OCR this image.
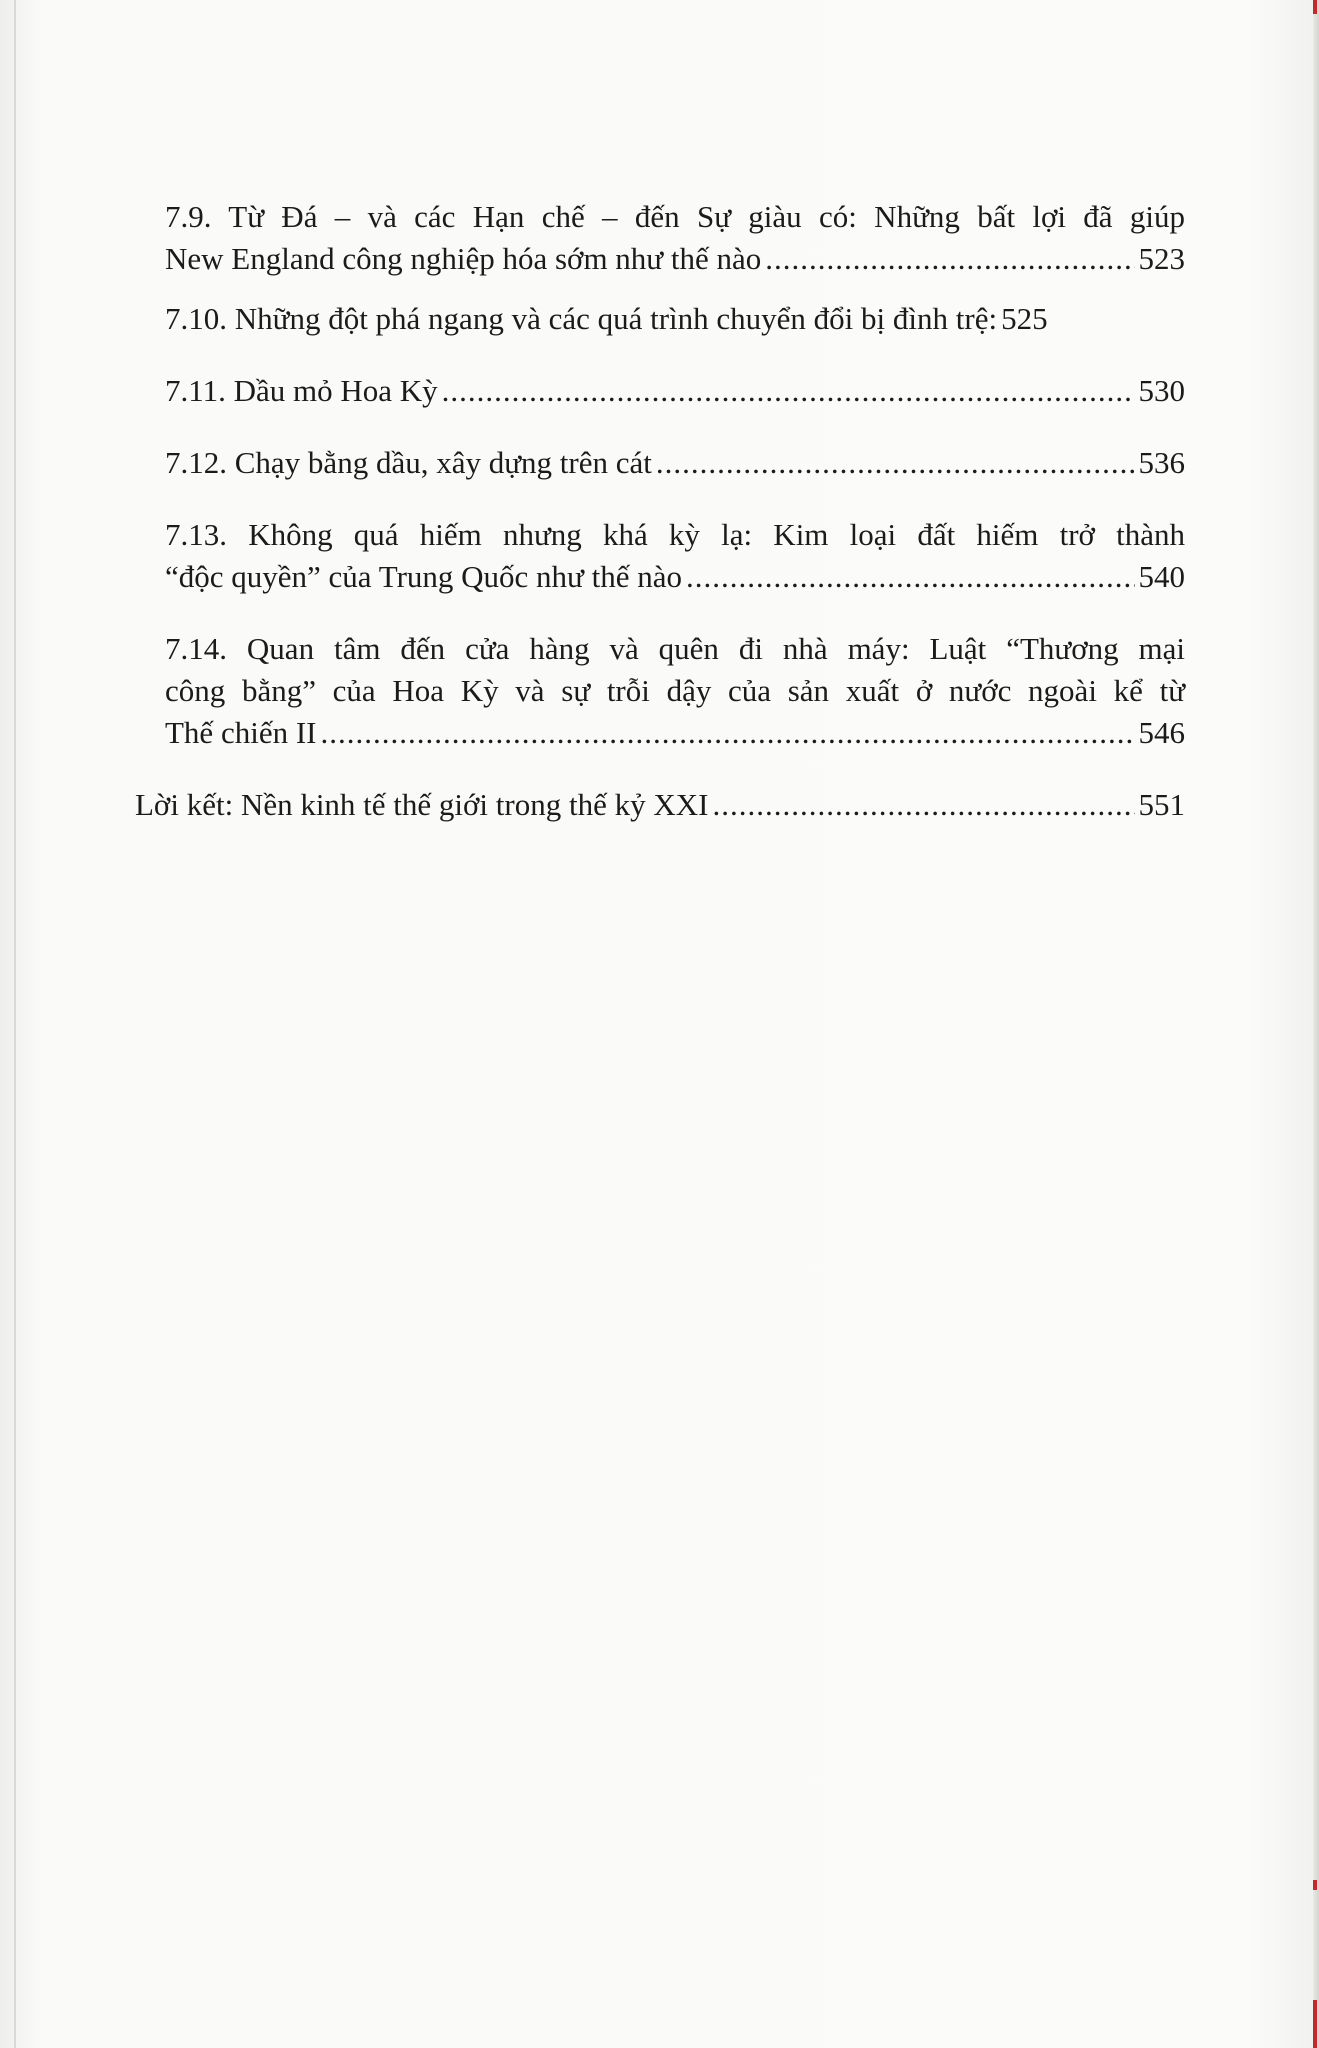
7.9. Từ Đá – và các Hạn chế – đến Sự giàu có: Những bất lợi đã giúp
New England công nghiệp hóa sớm như thế nào .....	523
7.10. Những đột phá ngang và các quá trình chuyển đổi bị đình trệ: 525
7.11. Dầu mỏ Hoa Kỳ .....	530
7.12. Chạy bằng dầu, xây dựng trên cát .....	536
7.13. Không quá hiếm nhưng khá kỳ lạ: Kim loại đất hiếm trở thành
“độc quyền” của Trung Quốc như thế nào .....	540
7.14. Quan tâm đến cửa hàng và quên đi nhà máy: Luật “Thương mại
công bằng” của Hoa Kỳ và sự trỗi dậy của sản xuất ở nước ngoài kể từ
Thế chiến II .....	546
Lời kết: Nền kinh tế thế giới trong thế kỷ XXI .....	551
